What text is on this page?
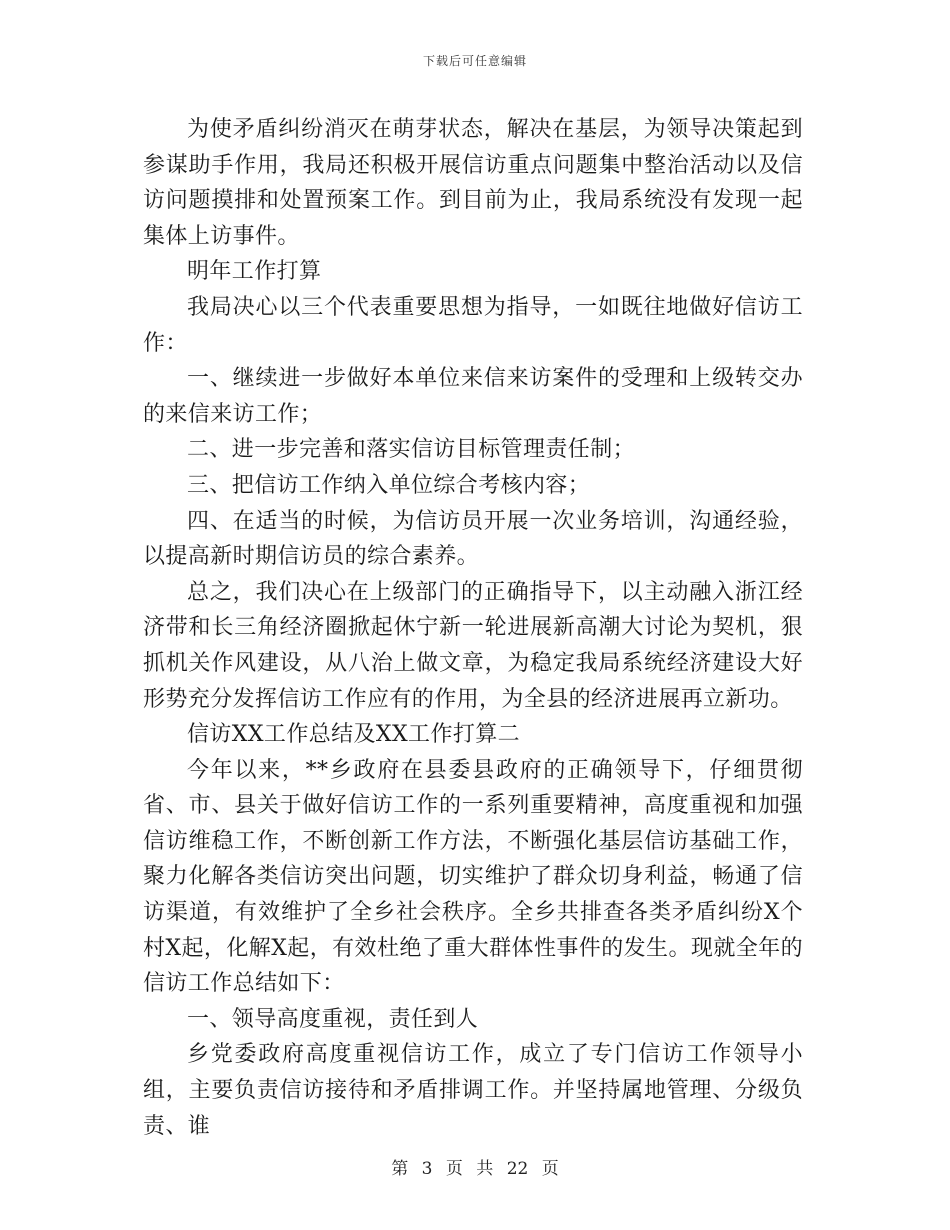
下载后可任意编辑

为使矛盾纠纷消灭在萌芽状态，解决在基层，为领导决策起到参谋助手作用，我局还积极开展信访重点问题集中整治活动以及信访问题摸排和处置预案工作。到目前为止，我局系统没有发现一起集体上访事件。

明年工作打算

我局决心以三个代表重要思想为指导，一如既往地做好信访工作：

一、继续进一步做好本单位来信来访案件的受理和上级转交办的来信来访工作；

二、进一步完善和落实信访目标管理责任制；

三、把信访工作纳入单位综合考核内容；

四、在适当的时候，为信访员开展一次业务培训，沟通经验，以提高新时期信访员的综合素养。

总之，我们决心在上级部门的正确指导下，以主动融入浙江经济带和长三角经济圈掀起休宁新一轮进展新高潮大讨论为契机，狠抓机关作风建设，从八治上做文章，为稳定我局系统经济建设大好形势充分发挥信访工作应有的作用，为全县的经济进展再立新功。

信访XX工作总结及XX工作打算二

今年以来，**乡政府在县委县政府的正确领导下，仔细贯彻省、市、县关于做好信访工作的一系列重要精神，高度重视和加强信访维稳工作，不断创新工作方法，不断强化基层信访基础工作，聚力化解各类信访突出问题，切实维护了群众切身利益，畅通了信访渠道，有效维护了全乡社会秩序。全乡共排查各类矛盾纠纷X个村X起，化解X起，有效杜绝了重大群体性事件的发生。现就全年的信访工作总结如下：

一、领导高度重视，责任到人

乡党委政府高度重视信访工作，成立了专门信访工作领导小组，主要负责信访接待和矛盾排调工作。并坚持属地管理、分级负责、谁

第 3 页 共 22 页
